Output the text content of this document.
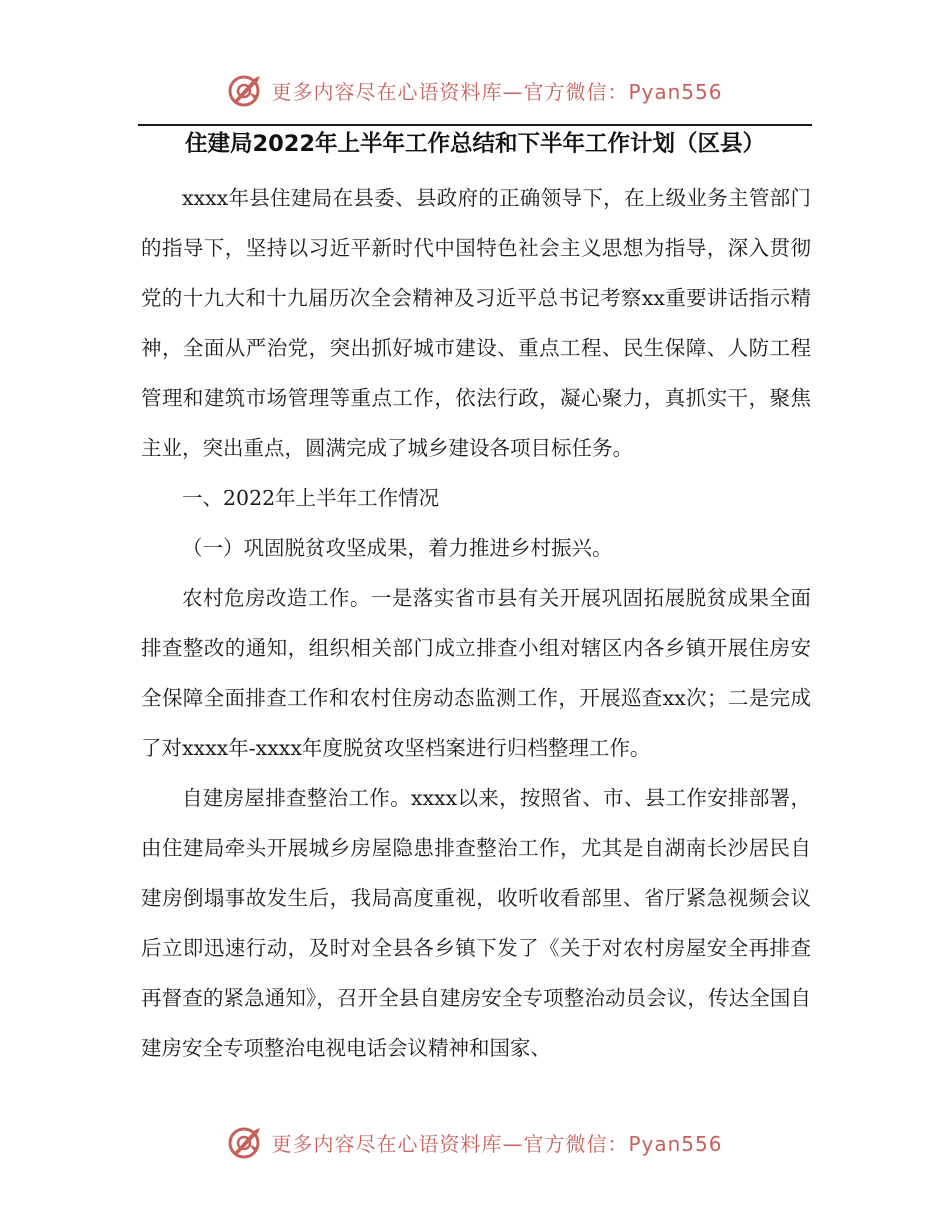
更多内容尽在心语资料库—官方微信：Pyan556
住建局2022年上半年工作总结和下半年工作计划（区县）

xxxx年县住建局在县委、县政府的正确领导下，在上级业务主管部门的指导下，坚持以习近平新时代中国特色社会主义思想为指导，深入贯彻党的十九大和十九届历次全会精神及习近平总书记考察xx重要讲话指示精神，全面从严治党，突出抓好城市建设、重点工程、民生保障、人防工程管理和建筑市场管理等重点工作，依法行政，凝心聚力，真抓实干，聚焦主业，突出重点，圆满完成了城乡建设各项目标任务。

一、2022年上半年工作情况

（一）巩固脱贫攻坚成果，着力推进乡村振兴。

农村危房改造工作。一是落实省市县有关开展巩固拓展脱贫成果全面排查整改的通知，组织相关部门成立排查小组对辖区内各乡镇开展住房安全保障全面排查工作和农村住房动态监测工作，开展巡查xx次；二是完成了对xxxx年-xxxx年度脱贫攻坚档案进行归档整理工作。

自建房屋排查整治工作。xxxx以来，按照省、市、县工作安排部署，由住建局牵头开展城乡房屋隐患排查整治工作，尤其是自湖南长沙居民自建房倒塌事故发生后，我局高度重视，收听收看部里、省厅紧急视频会议后立即迅速行动，及时对全县各乡镇下发了《关于对农村房屋安全再排查再督查的紧急通知》，召开全县自建房安全专项整治动员会议，传达全国自建房安全专项整治电视电话会议精神和国家、

更多内容尽在心语资料库—官方微信：Pyan556
